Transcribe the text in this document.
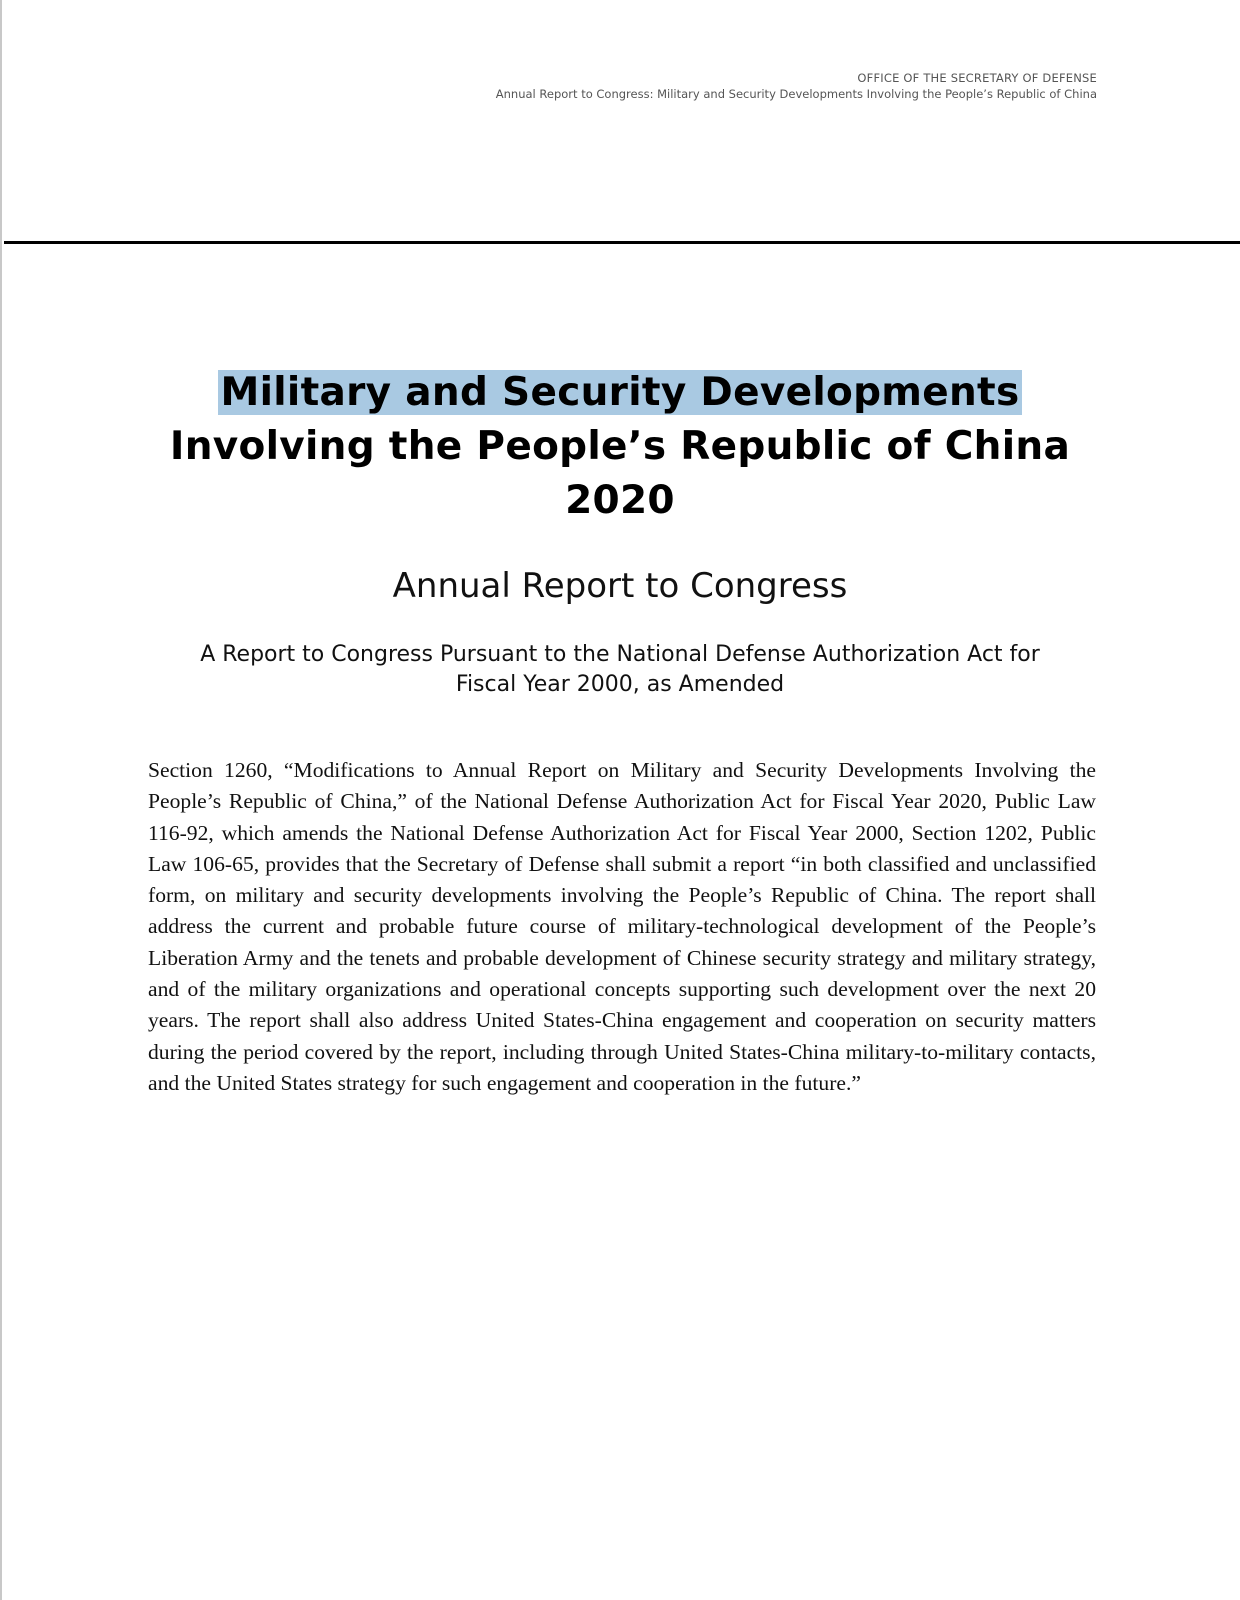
OFFICE OF THE SECRETARY OF DEFENSE
Annual Report to Congress: Military and Security Developments Involving the People’s Republic of China
Military and Security Developments
Involving the People’s Republic of China
2020
Annual Report to Congress
A Report to Congress Pursuant to the National Defense Authorization Act for
Fiscal Year 2000, as Amended
Section 1260, “Modifications to Annual Report on Military and Security Developments Involving the People’s Republic of China,” of the National Defense Authorization Act for Fiscal Year 2020, Public Law 116-92, which amends the National Defense Authorization Act for Fiscal Year 2000, Section 1202, Public Law 106-65, provides that the Secretary of Defense shall submit a report “in both classified and unclassified form, on military and security developments involving the People’s Republic of China. The report shall address the current and probable future course of military-technological development of the People’s Liberation Army and the tenets and probable development of Chinese security strategy and military strategy, and of the military organizations and operational concepts supporting such development over the next 20 years. The report shall also address United States-China engagement and cooperation on security matters during the period covered by the report, including through United States-China military-to-military contacts, and the United States strategy for such engagement and cooperation in the future.”
